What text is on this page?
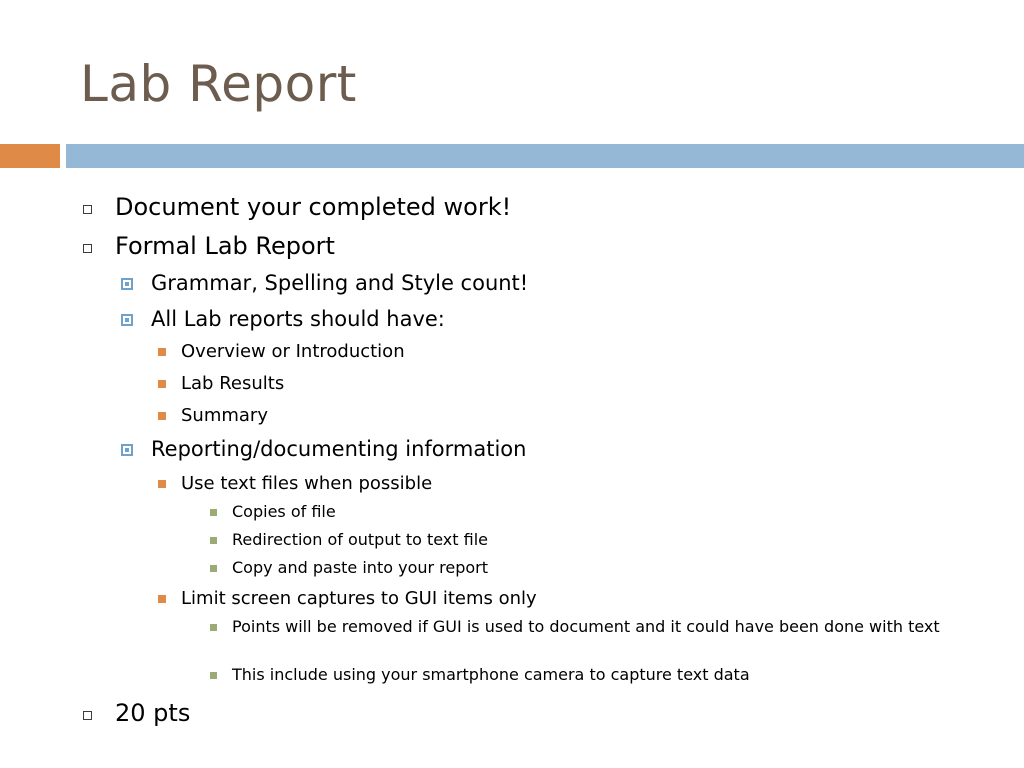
Lab Report
Document your completed work!
Formal Lab Report
Grammar, Spelling and Style count!
All Lab reports should have:
Overview or Introduction
Lab Results
Summary
Reporting/documenting information
Use text files when possible
Copies of file
Redirection of output to text file
Copy and paste into your report
Limit screen captures to GUI items only
Points will be removed if GUI is used to document and it could have been done with text
This include using your smartphone camera to capture text data
20 pts
